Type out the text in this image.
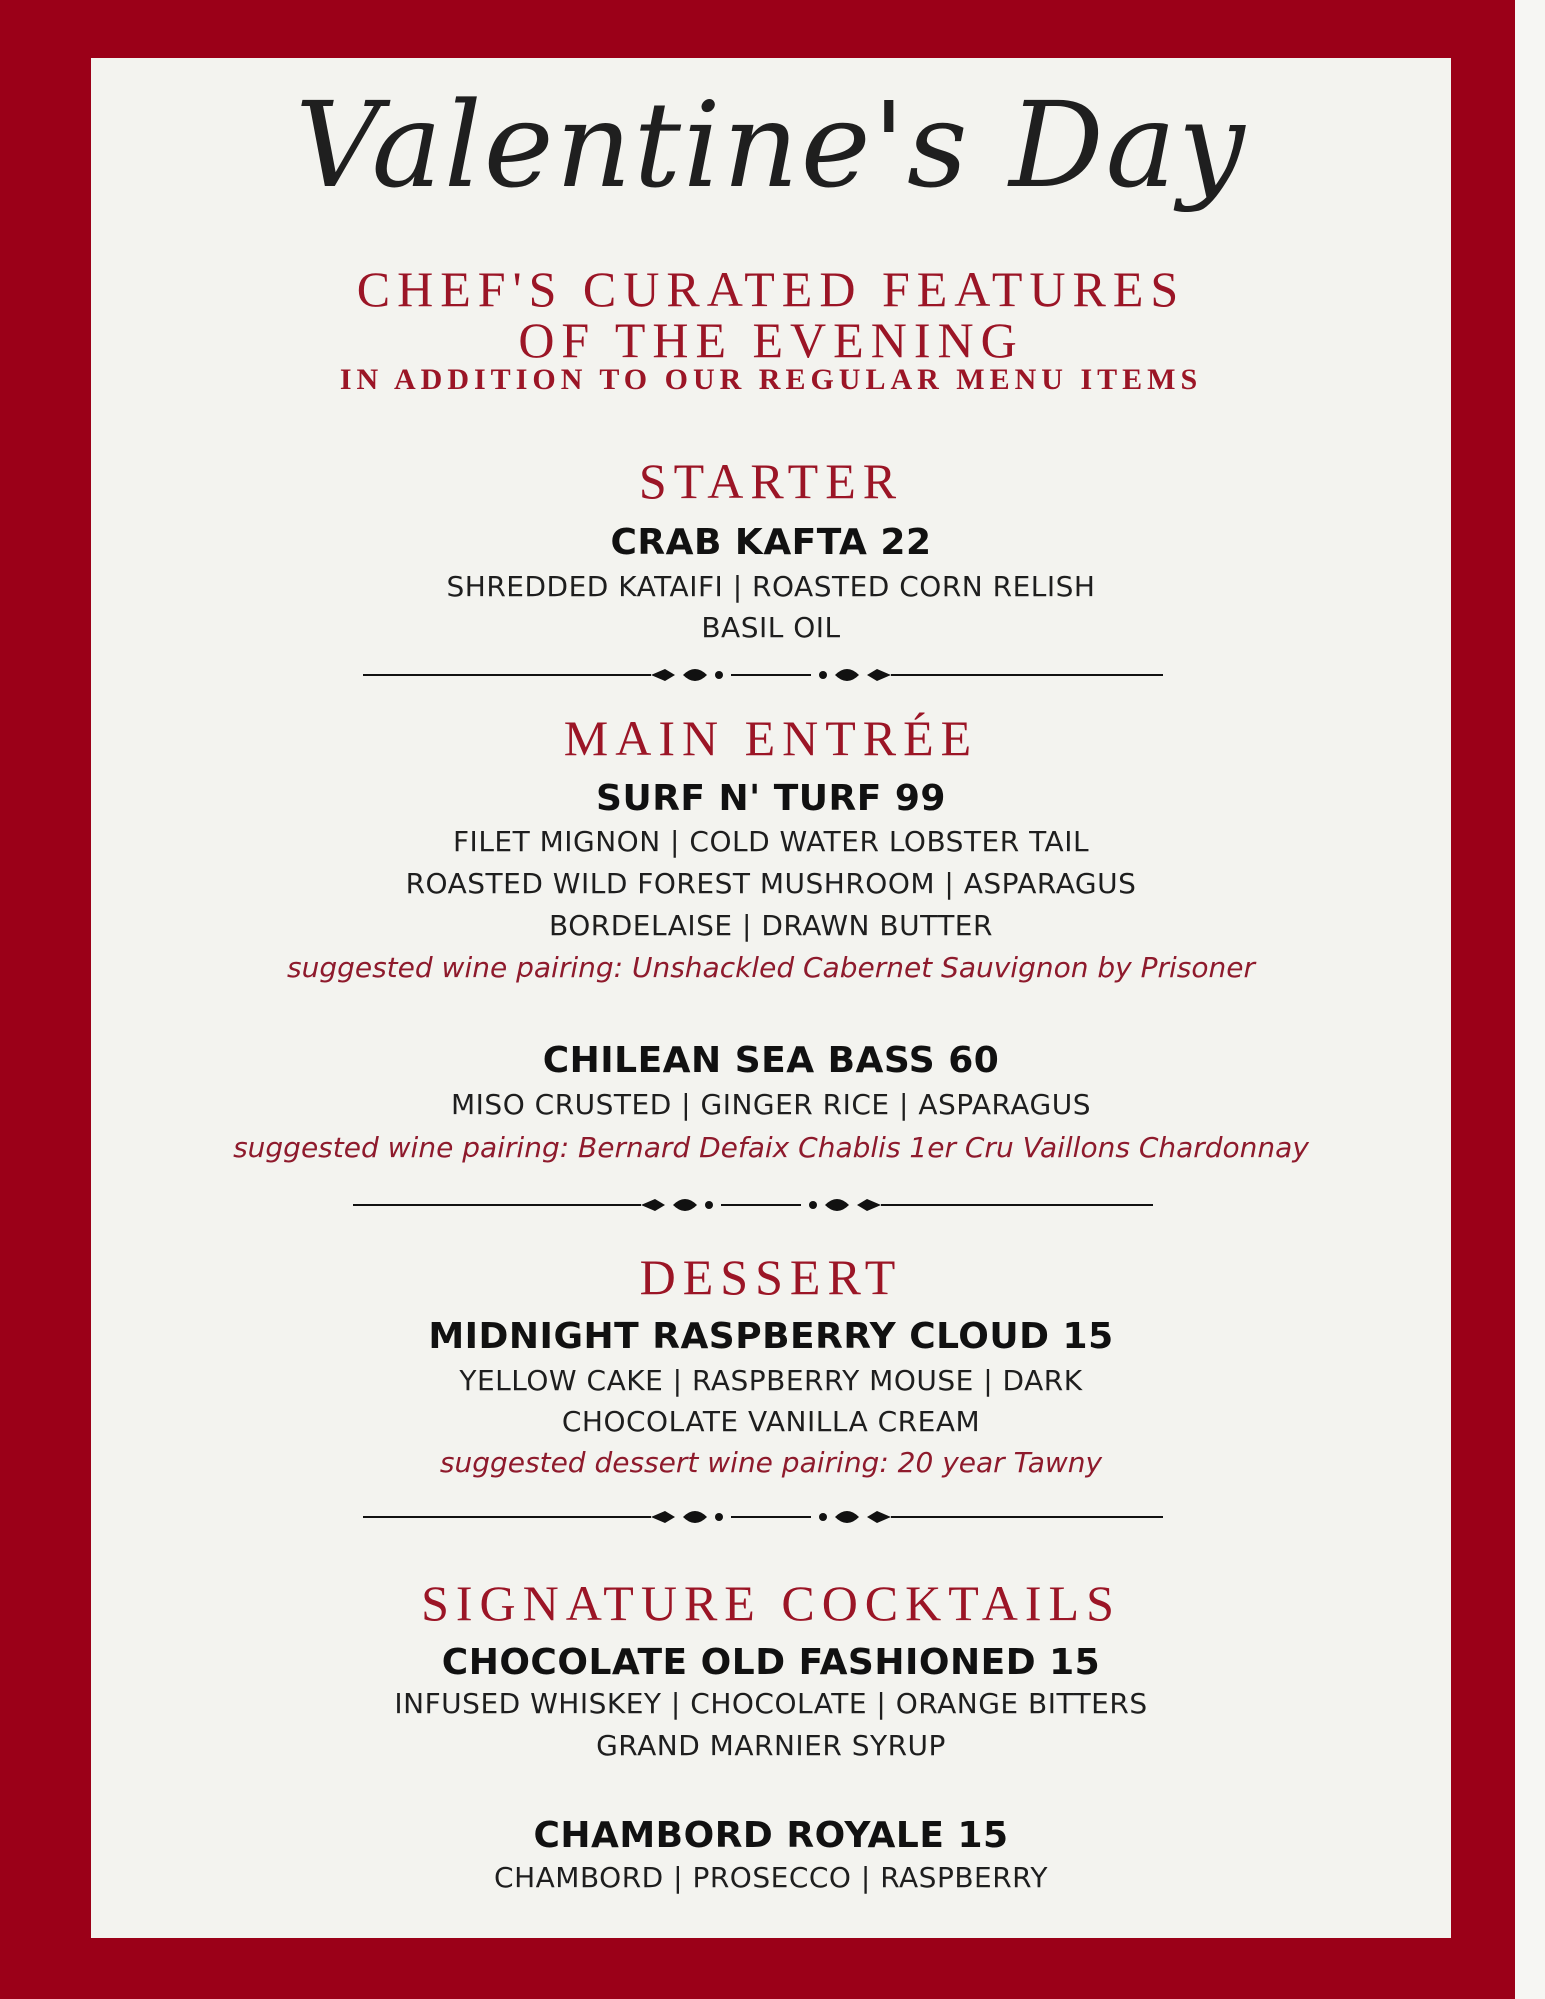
Valentine's Day
CHEF'S CURATED FEATURES
OF THE EVENING
IN ADDITION TO OUR REGULAR MENU ITEMS
STARTER
CRAB KAFTA 22
SHREDDED KATAIFI | ROASTED CORN RELISH
BASIL OIL
MAIN ENTRÉE
SURF N' TURF 99
FILET MIGNON | COLD WATER LOBSTER TAIL
ROASTED WILD FOREST MUSHROOM | ASPARAGUS
BORDELAISE | DRAWN BUTTER
suggested wine pairing: Unshackled Cabernet Sauvignon by Prisoner
CHILEAN SEA BASS 60
MISO CRUSTED | GINGER RICE | ASPARAGUS
suggested wine pairing: Bernard Defaix Chablis 1er Cru Vaillons Chardonnay
DESSERT
MIDNIGHT RASPBERRY CLOUD 15
YELLOW CAKE | RASPBERRY MOUSE | DARK
CHOCOLATE VANILLA CREAM
suggested dessert wine pairing: 20 year Tawny
SIGNATURE COCKTAILS
CHOCOLATE OLD FASHIONED 15
INFUSED WHISKEY | CHOCOLATE | ORANGE BITTERS
GRAND MARNIER SYRUP
CHAMBORD ROYALE 15
CHAMBORD | PROSECCO | RASPBERRY
